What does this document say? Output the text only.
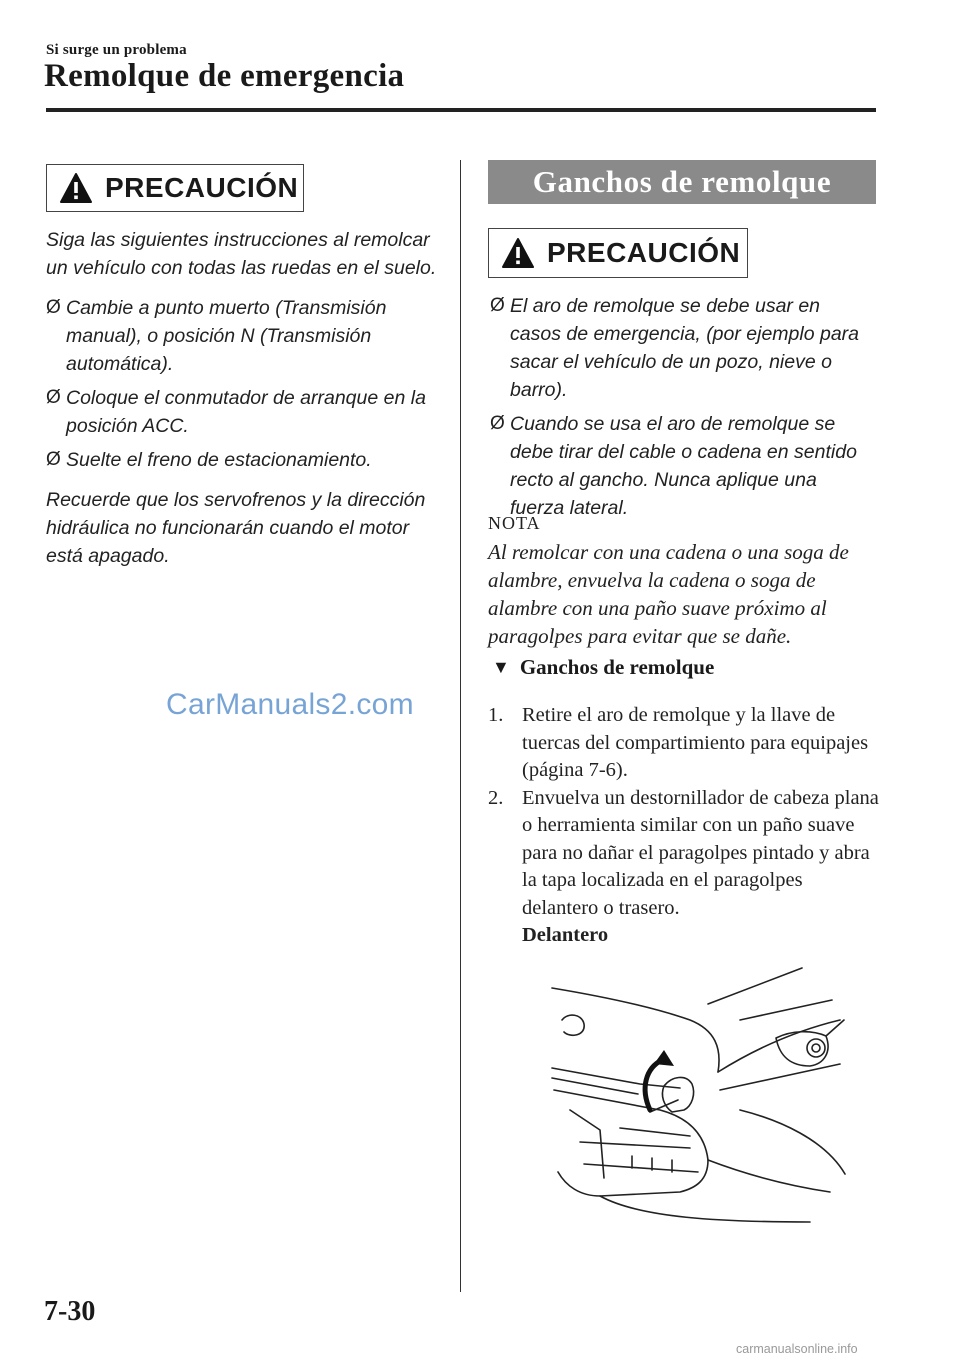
Si surge un problema
Remolque de emergencia
PRECAUCIÓN

Siga las siguientes instrucciones al remolcar un vehículo con todas las ruedas en el suelo.

Ø Cambie a punto muerto (Transmisión manual), o posición N (Transmisión automática).
Ø Coloque el conmutador de arranque en la posición ACC.
Ø Suelte el freno de estacionamiento.

Recuerde que los servofrenos y la dirección hidráulica no funcionarán cuando el motor está apagado.

CarManuals2.com
Ganchos de remolque
PRECAUCIÓN
Ø El aro de remolque se debe usar en casos de emergencia, (por ejemplo para sacar el vehículo de un pozo, nieve o barro).
Ø Cuando se usa el aro de remolque se debe tirar del cable o cadena en sentido recto al gancho. Nunca aplique una fuerza lateral.
NOTA
Al remolcar con una cadena o una soga de alambre, envuelva la cadena o soga de alambre con una paño suave próximo al paragolpes para evitar que se dañe.
▼ Ganchos de remolque
1. Retire el aro de remolque y la llave de tuercas del compartimiento para equipajes (página 7-6).
2. Envuelva un destornillador de cabeza plana o herramienta similar con un paño suave para no dañar el paragolpes pintado y abra la tapa localizada en el paragolpes delantero o trasero.
Delantero
7-30
carmanualsonline.info
